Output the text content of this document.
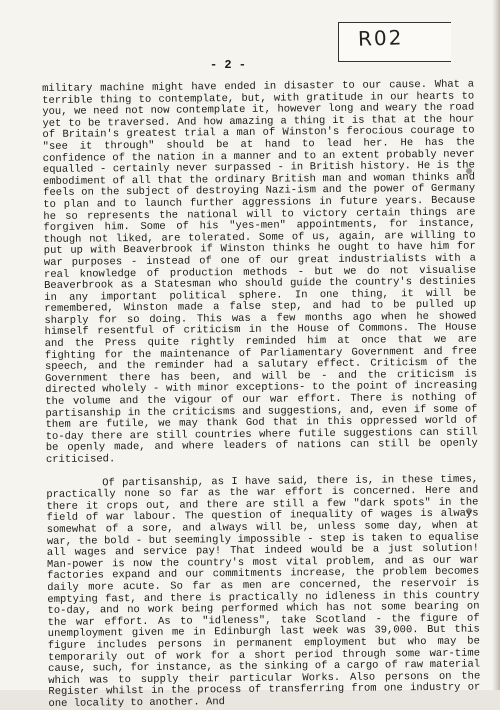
R02
- 2 -

military machine might have ended in disaster to our cause. What a terrible thing to contemplate, but, with gratitude in our hearts to you, we need not now contemplate it, however long and weary the road yet to be traversed. And how amazing a thing it is that at the hour of Britain's greatest trial a man of Winston's ferocious courage to "see it through" should be at hand to lead her. He has the confidence of the nation in a manner and to an extent probably never equalled - certainly never surpassed - in British history. He is the embodiment of all that the ordinary British man and woman thinks and feels on the subject of destroying Nazi-ism and the power of Germany to plan and to launch further aggressions in future years. Because he so represents the national will to victory certain things are forgiven him. Some of his "yes-men" appointments, for instance, though not liked, are tolerated. Some of us, again, are willing to put up with Beaverbrook if Winston thinks he ought to have him for war purposes - instead of one of our great industrialists with a real knowledge of production methods - but we do not visualise Beaverbrook as a Statesman who should guide the country's destinies in any important political sphere. In one thing, it will be remembered, Winston made a false step, and had to be pulled up sharply for so doing. This was a few months ago when he showed himself resentful of criticism in the House of Commons. The House and the Press quite rightly reminded him at once that we are fighting for the maintenance of Parliamentary Government and free speech, and the reminder had a salutary effect. Criticism of the Government there has been, and will be - and the criticism is directed wholely - with minor exceptions- to the point of increasing the volume and the vigour of our war effort. There is nothing of partisanship in the criticisms and suggestions, and, even if some of them are futile, we may thank God that in this oppressed world of to-day there are still countries where futile suggestions can still be openly made, and where leaders of nations can still be openly criticised.

Of partisanship, as I have said, there is, in these times, practically none so far as the war effort is concerned. Here and there it crops out, and there are still a few "dark spots" in the field of war labour. The question of inequality of wages is always somewhat of a sore, and always will be, unless some day, when at war, the bold - but seemingly impossible - step is taken to equalise all wages and service pay! That indeed would be a just solution! Man-power is now the country's most vital problem, and as our war factories expand and our commitments increase, the problem becomes daily more acute. So far as men are concerned, the reservoir is emptying fast, and there is practically no idleness in this country to-day, and no work being performed which has not some bearing on the war effort. As to "idleness", take Scotland - the figure of unemployment given me in Edinburgh last week was 39,000. But this figure includes persons in permanent employment but who may be temporarily out of work for a short period through some war-time cause, such, for instance, as the sinking of a cargo of raw material which was to supply their particular Works. Also persons on the Register whilst in the process of transferring from one industry or one locality to another. And
